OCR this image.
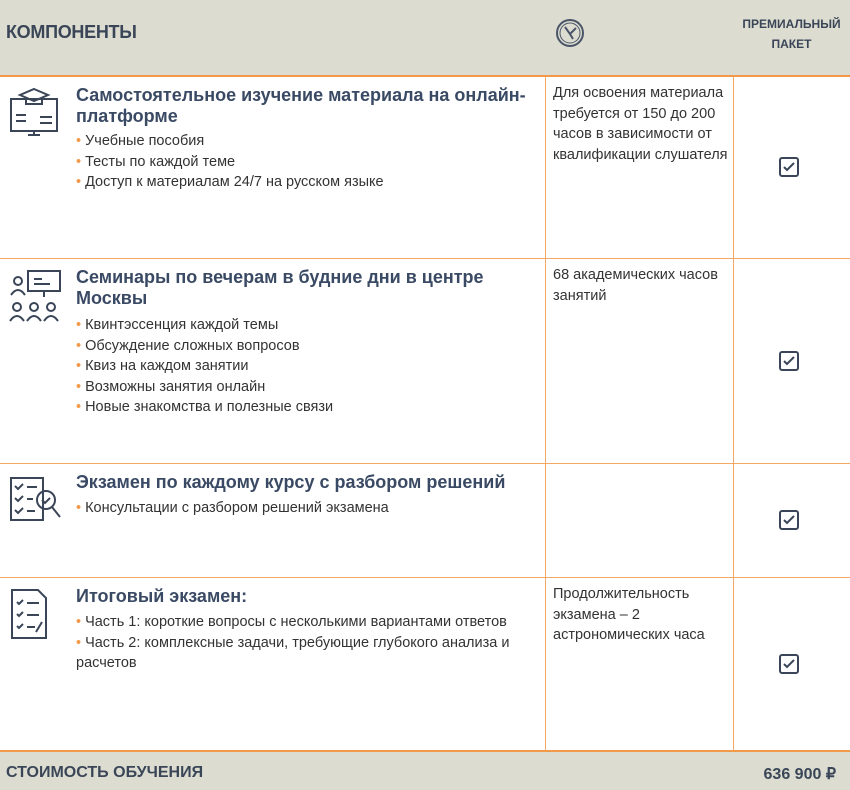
КОМПОНЕНТЫ	ПРЕМИАЛЬНЫЙ ПАКЕТ
Самостоятельное изучение материала на онлайн-платформе
• Учебные пособия
• Тесты по каждой теме
• Доступ к материалам 24/7 на русском языке
Для освоения материала требуется от 150 до 200 часов в зависимости от квалификации слушателя
Семинары по вечерам в будние дни в центре Москвы
• Квинтэссенция каждой темы
• Обсуждение сложных вопросов
• Квиз на каждом занятии
• Возможны занятия онлайн
• Новые знакомства и полезные связи
68 академических часов занятий
Экзамен по каждому курсу с разбором решений
• Консультации с разбором решений экзамена
Итоговый экзамен:
• Часть 1: короткие вопросы с несколькими вариантами ответов
• Часть 2: комплексные задачи, требующие глубокого анализа и расчетов
Продолжительность экзамена – 2 астрономических часа
СТОИМОСТЬ ОБУЧЕНИЯ	636 900 ₽
